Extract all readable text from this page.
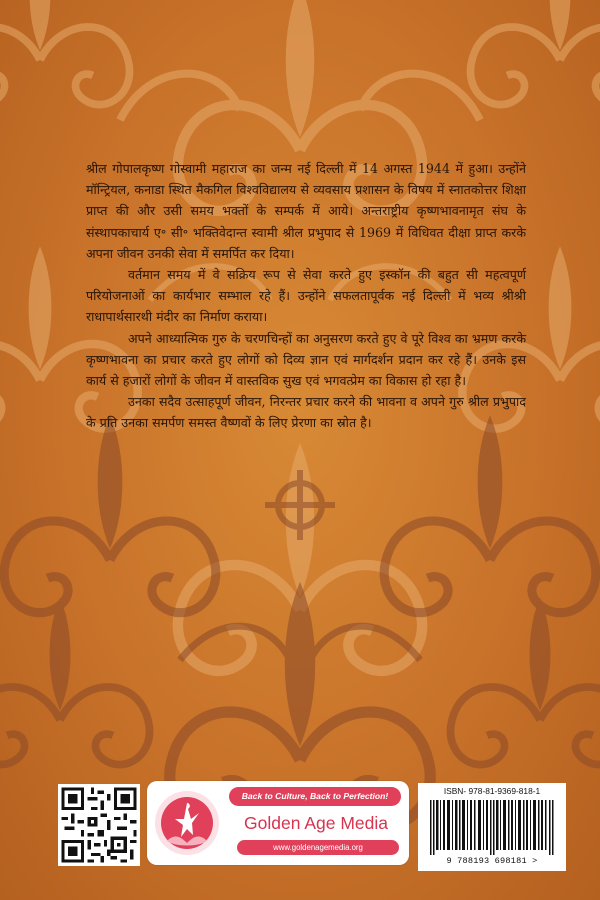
श्रील गोपालकृष्ण गोस्वामी महाराज का जन्म नई दिल्ली में 14 अगस्त 1944 में हुआ। उन्होंने मॉन्ट्रियल, कनाडा स्थित मैकगिल विश्वविद्यालय से व्यवसाय प्रशासन के विषय में स्नातकोत्तर शिक्षा प्राप्त की और उसी समय भक्तों के सम्पर्क में आये। अन्तराष्ट्रीय कृष्णभावनामृत संघ के संस्थापकाचार्य ए॰ सी॰ भक्तिवेदान्त स्वामी श्रील प्रभुपाद से 1969 में विधिवत दीक्षा प्राप्त करके अपना जीवन उनकी सेवा में समर्पित कर दिया।

वर्तमान समय में वे सक्रिय रूप से सेवा करते हुए इस्कॉन की बहुत सी महत्वपूर्ण परियोजनाओं का कार्यभार सम्भाल रहे हैं। उन्होंने सफलतापूर्वक नई दिल्ली में भव्य श्रीश्री राधापार्थसारथी मंदीर का निर्माण कराया।

अपने आध्यात्मिक गुरु के चरणचिन्हों का अनुसरण करते हुए वे पूरे विश्व का भ्रमण करके कृष्णभावना का प्रचार करते हुए लोगों को दिव्य ज्ञान एवं मार्गदर्शन प्रदान कर रहे हैं। उनके इस कार्य से हजारों लोगों के जीवन में वास्तविक सुख एवं भगवत्प्रेम का विकास हो रहा है।

उनका सदैव उत्साहपूर्ण जीवन, निरन्तर प्रचार करने की भावना व अपने गुरु श्रील प्रभुपाद के प्रति उनका समर्पण समस्त वैष्णवों के लिए प्रेरणा का स्रोत है।

Back to Culture, Back to Perfection!
Golden Age Media
www.goldenagemedia.org
ISBN- 978-81-9369-818-1
9 788193 698181 >
